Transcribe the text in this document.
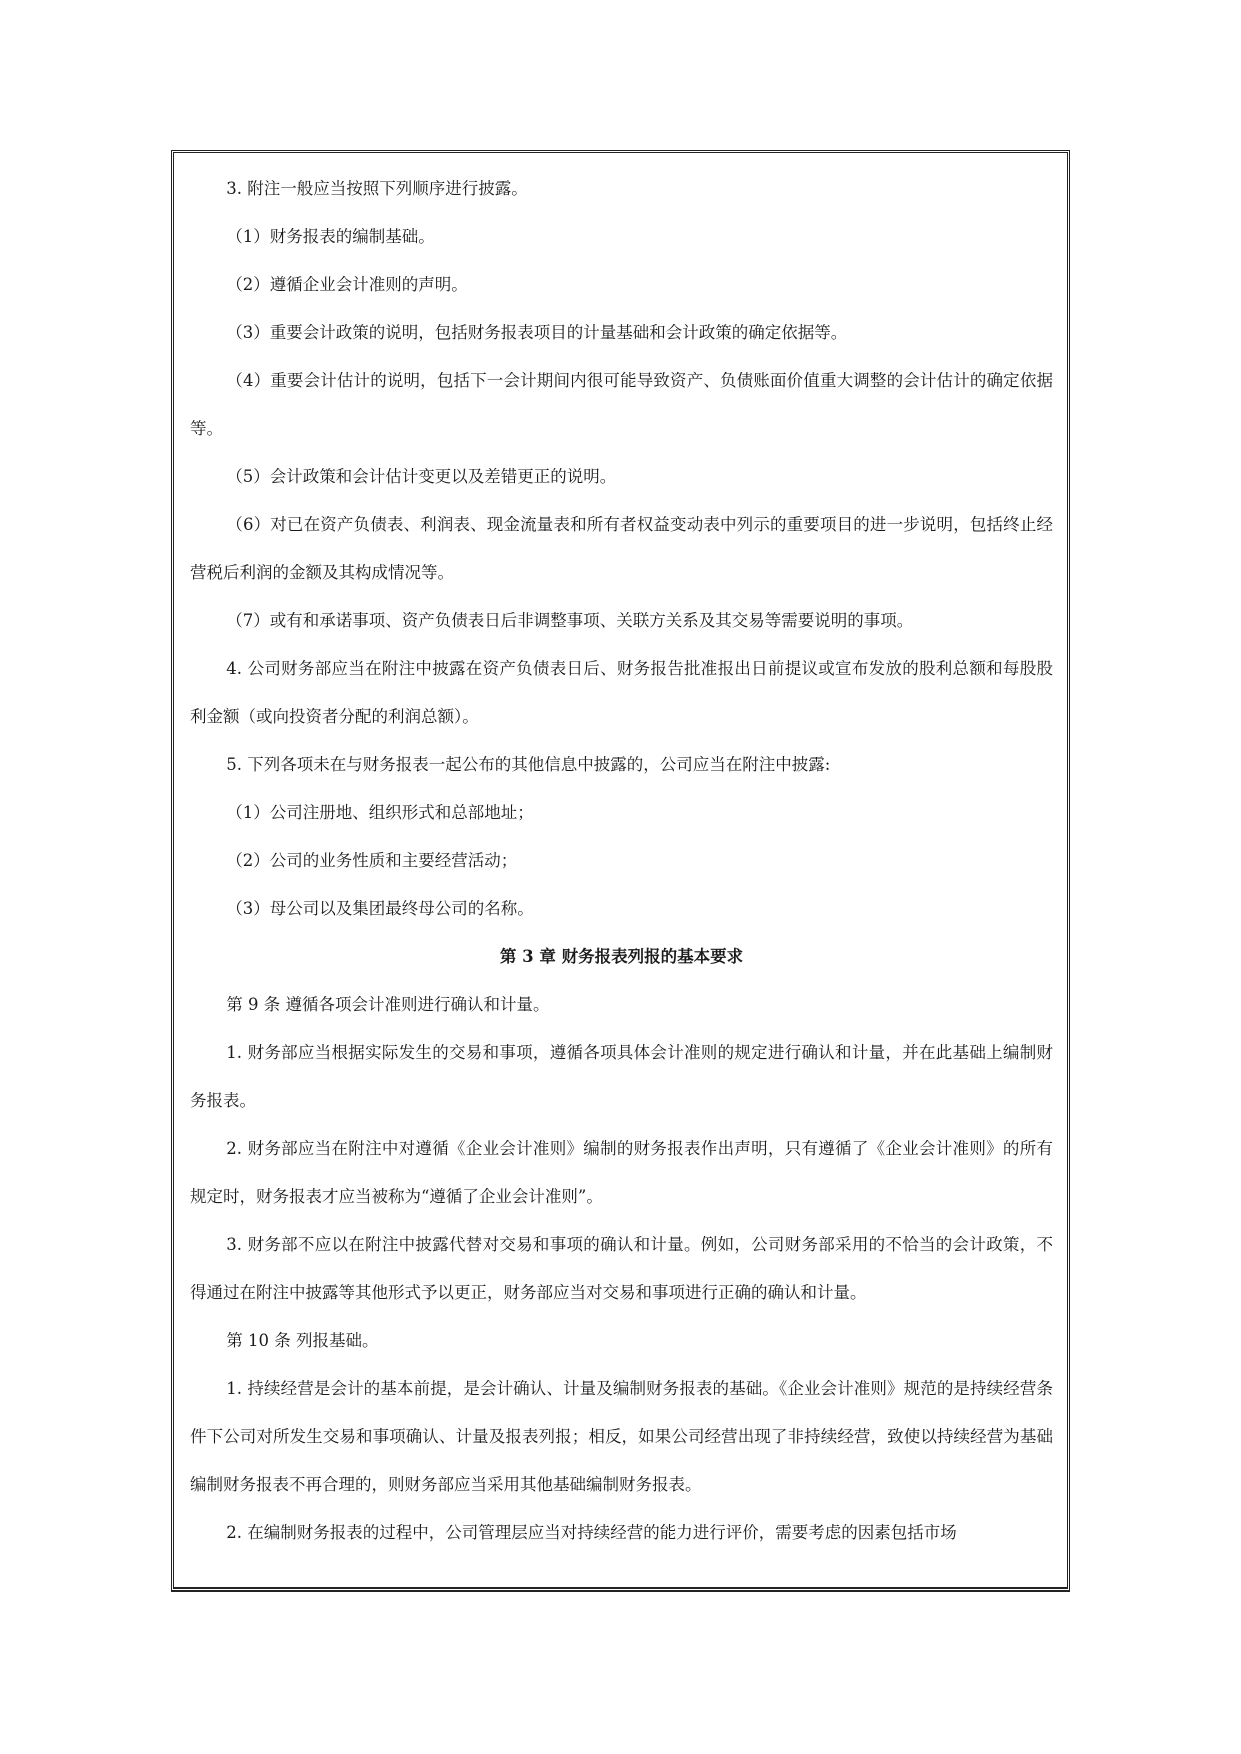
3. 附注一般应当按照下列顺序进行披露。

（1）财务报表的编制基础。

（2）遵循企业会计准则的声明。

（3）重要会计政策的说明，包括财务报表项目的计量基础和会计政策的确定依据等。

（4）重要会计估计的说明，包括下一会计期间内很可能导致资产、负债账面价值重大调整的会计估计的确定依据等。

（5）会计政策和会计估计变更以及差错更正的说明。

（6）对已在资产负债表、利润表、现金流量表和所有者权益变动表中列示的重要项目的进一步说明，包括终止经营税后利润的金额及其构成情况等。

（7）或有和承诺事项、资产负债表日后非调整事项、关联方关系及其交易等需要说明的事项。

4. 公司财务部应当在附注中披露在资产负债表日后、财务报告批准报出日前提议或宣布发放的股利总额和每股股利金额（或向投资者分配的利润总额）。

5. 下列各项未在与财务报表一起公布的其他信息中披露的，公司应当在附注中披露:

（1）公司注册地、组织形式和总部地址；

（2）公司的业务性质和主要经营活动；

（3）母公司以及集团最终母公司的名称。

第 3 章 财务报表列报的基本要求

第 9 条 遵循各项会计准则进行确认和计量。

1. 财务部应当根据实际发生的交易和事项，遵循各项具体会计准则的规定进行确认和计量，并在此基础上编制财务报表。

2. 财务部应当在附注中对遵循《企业会计准则》编制的财务报表作出声明，只有遵循了《企业会计准则》的所有规定时，财务报表才应当被称为“遵循了企业会计准则”。

3. 财务部不应以在附注中披露代替对交易和事项的确认和计量。例如，公司财务部采用的不恰当的会计政策，不得通过在附注中披露等其他形式予以更正，财务部应当对交易和事项进行正确的确认和计量。

第 10 条 列报基础。

1. 持续经营是会计的基本前提，是会计确认、计量及编制财务报表的基础。《企业会计准则》规范的是持续经营条件下公司对所发生交易和事项确认、计量及报表列报；相反，如果公司经营出现了非持续经营，致使以持续经营为基础编制财务报表不再合理的，则财务部应当采用其他基础编制财务报表。

2. 在编制财务报表的过程中，公司管理层应当对持续经营的能力进行评价，需要考虑的因素包括市场
